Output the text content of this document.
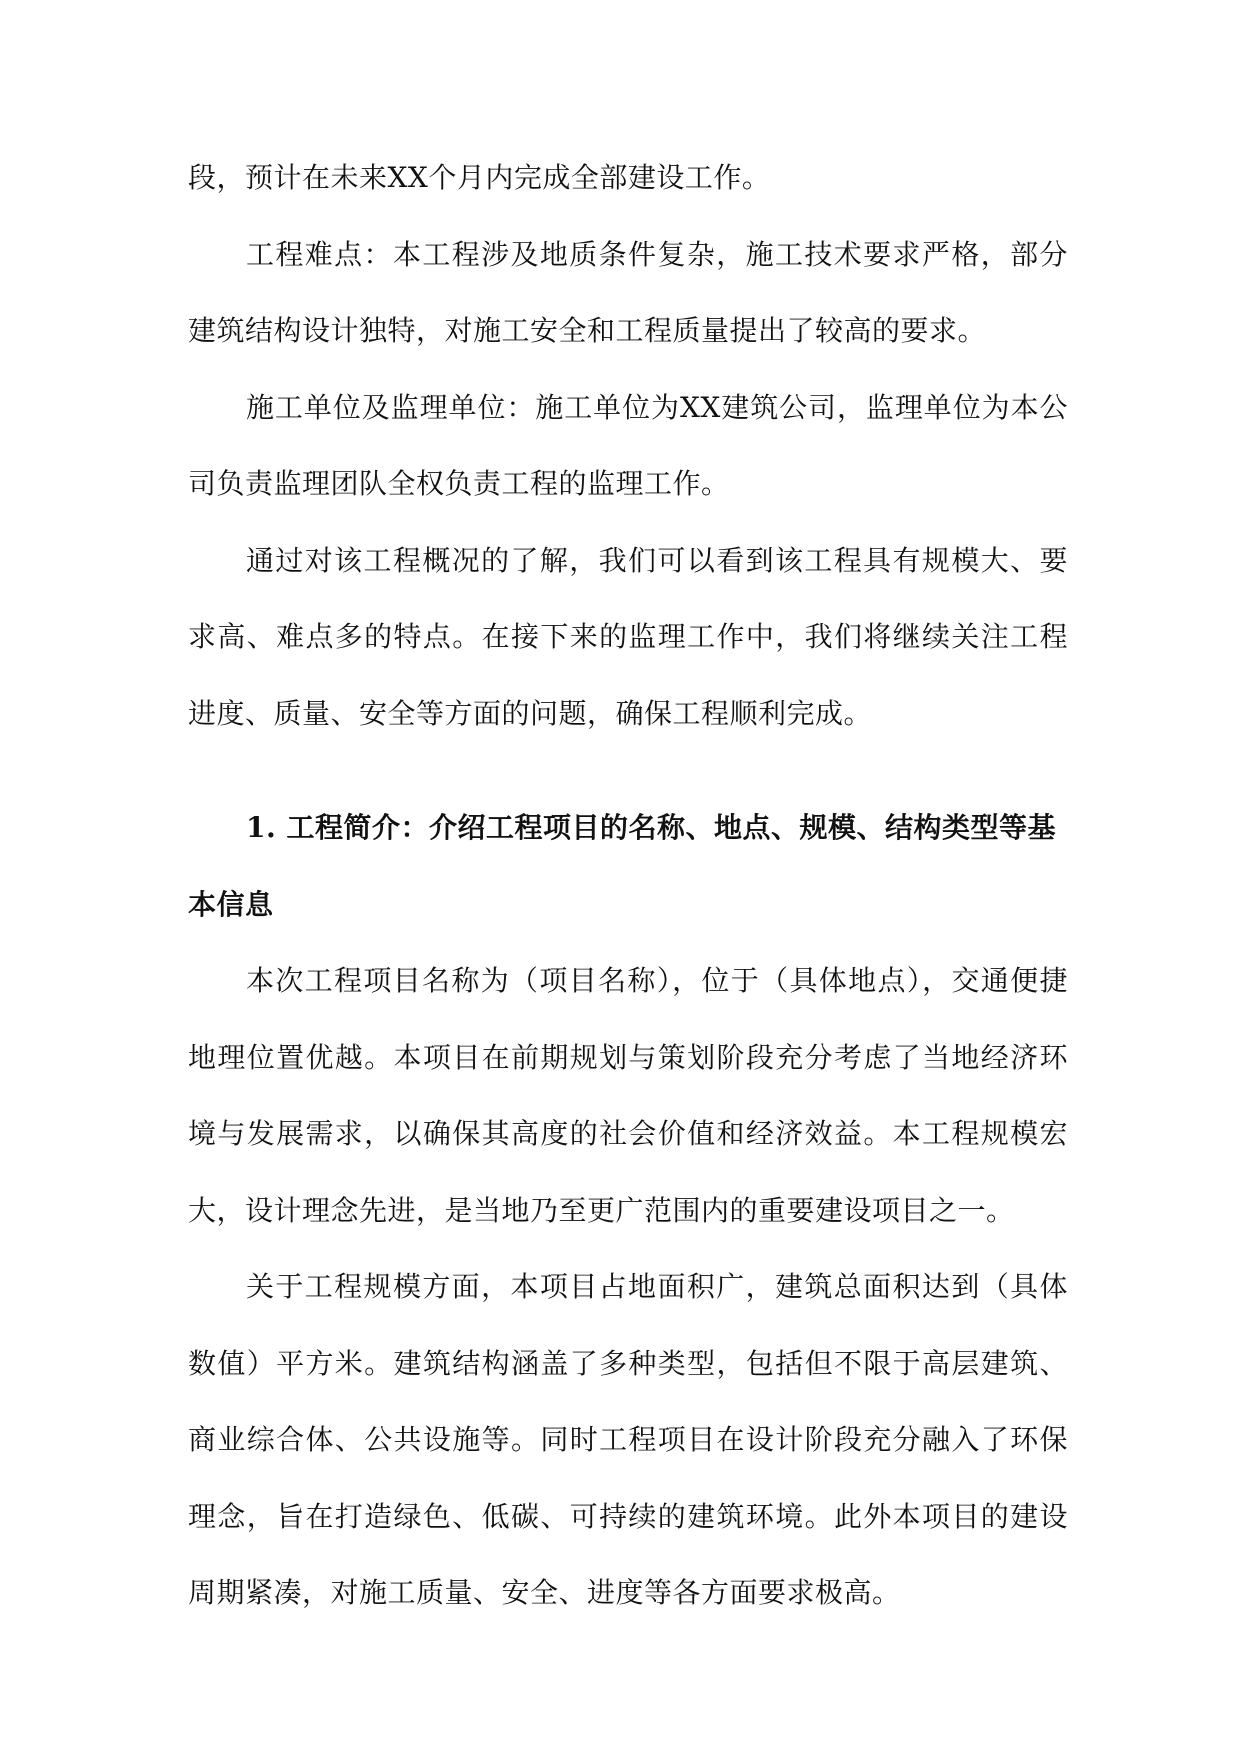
段，预计在未来XX个月内完成全部建设工作。

工程难点：本工程涉及地质条件复杂，施工技术要求严格，部分建筑结构设计独特，对施工安全和工程质量提出了较高的要求。

施工单位及监理单位：施工单位为XX建筑公司，监理单位为本公司负责监理团队全权负责工程的监理工作。

通过对该工程概况的了解，我们可以看到该工程具有规模大、要求高、难点多的特点。在接下来的监理工作中，我们将继续关注工程进度、质量、安全等方面的问题，确保工程顺利完成。

1. 工程简介：介绍工程项目的名称、地点、规模、结构类型等基本信息

本次工程项目名称为（项目名称），位于（具体地点），交通便捷地理位置优越。本项目在前期规划与策划阶段充分考虑了当地经济环境与发展需求，以确保其高度的社会价值和经济效益。本工程规模宏大，设计理念先进，是当地乃至更广范围内的重要建设项目之一。

关于工程规模方面，本项目占地面积广，建筑总面积达到（具体数值）平方米。建筑结构涵盖了多种类型，包括但不限于高层建筑、商业综合体、公共设施等。同时工程项目在设计阶段充分融入了环保理念，旨在打造绿色、低碳、可持续的建筑环境。此外本项目的建设周期紧凑，对施工质量、安全、进度等各方面要求极高。
